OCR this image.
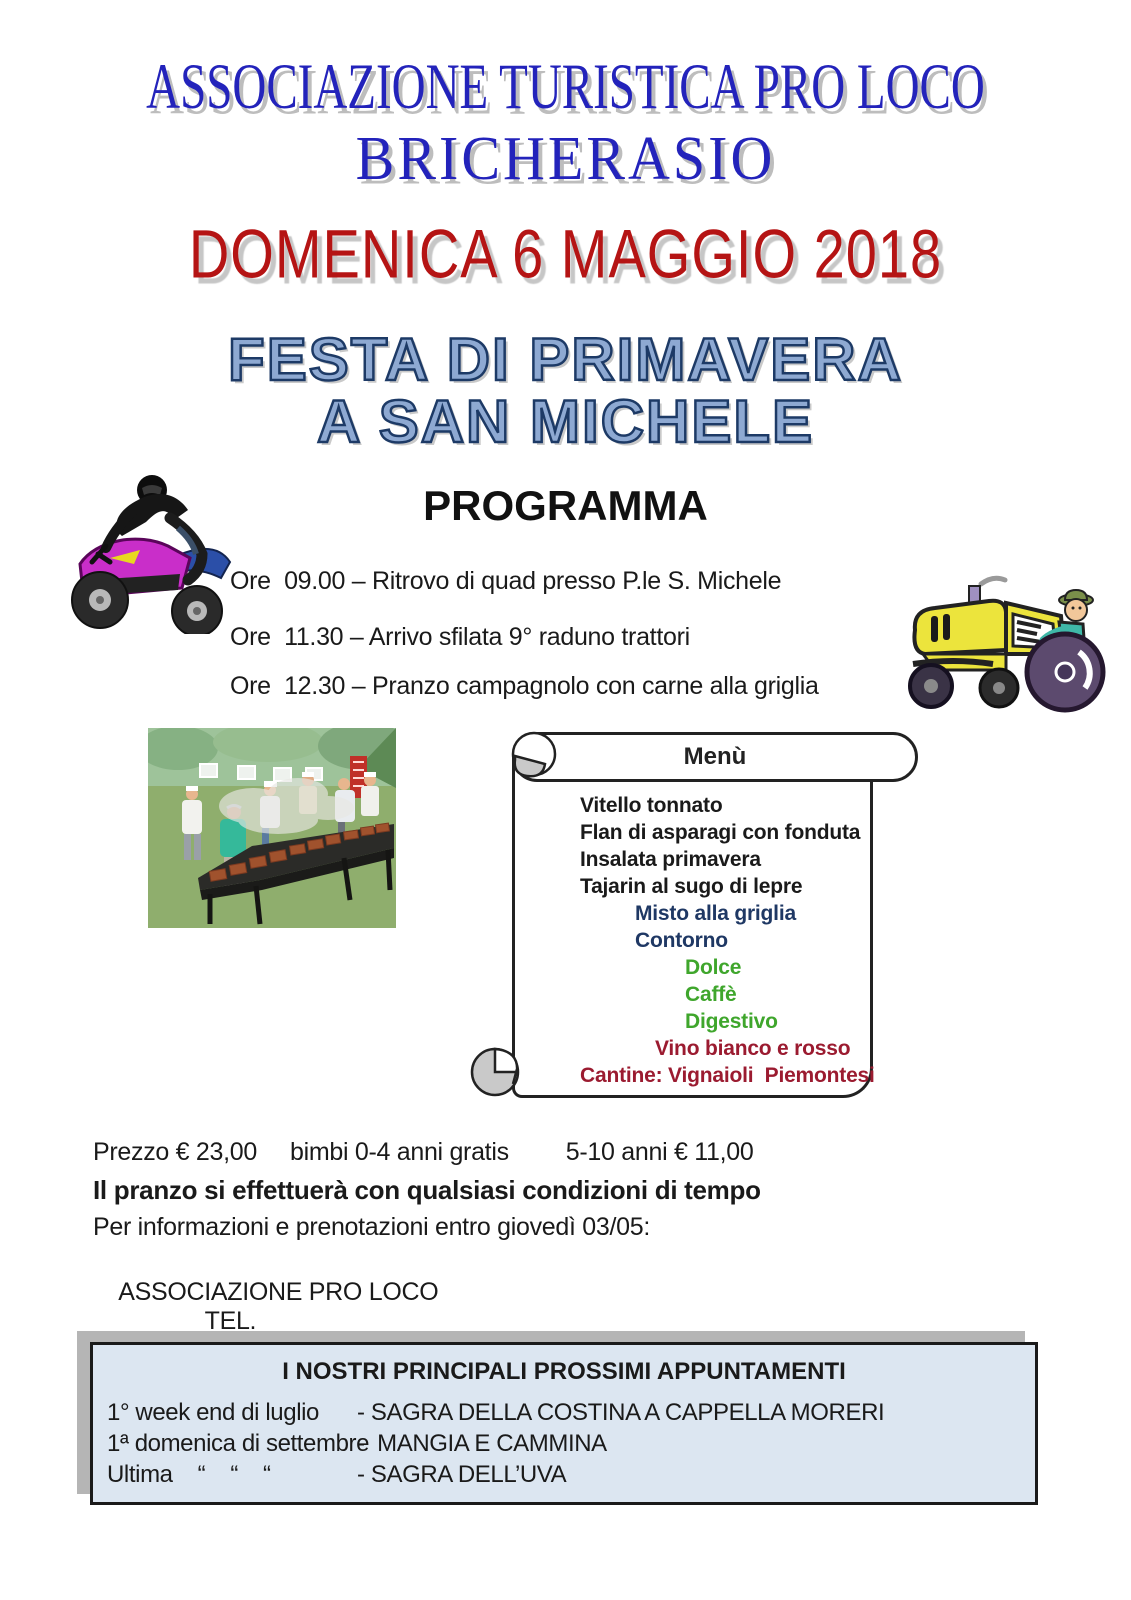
ASSOCIAZIONE TURISTICA PRO LOCO
BRICHERASIO
DOMENICA 6 MAGGIO 2018
FESTA DI PRIMAVERA
A SAN MICHELE
PROGRAMMA
Ore  09.00 – Ritrovo di quad presso P.le S. Michele
Ore  11.30 – Arrivo sfilata 9° raduno trattori
Ore  12.30 – Pranzo campagnolo con carne alla griglia
Menù
Vitello tonnato
Flan di asparagi con fonduta
Insalata primavera
Tajarin al sugo di lepre
Misto alla griglia
Contorno
Dolce
Caffè
Digestivo
Vino bianco e rosso
Cantine: Vignaioli  Piemontesi
Prezzo € 23,00 bimbi 0-4 anni gratis 5-10 anni € 11,00
Il pranzo si effettuerà con qualsiasi condizioni di tempo
Per informazioni e prenotazioni entro giovedì 03/05:

ASSOCIAZIONE PRO LOCO
TEL.

I NOSTRI PRINCIPALI PROSSIMI APPUNTAMENTI
1° week end di luglio	- SAGRA DELLA COSTINA A CAPPELLA MORERI
1ª domenica di settembre
-  MANGIA E CAMMINA
Ultima    “    “    “	- SAGRA DELL’UVA
